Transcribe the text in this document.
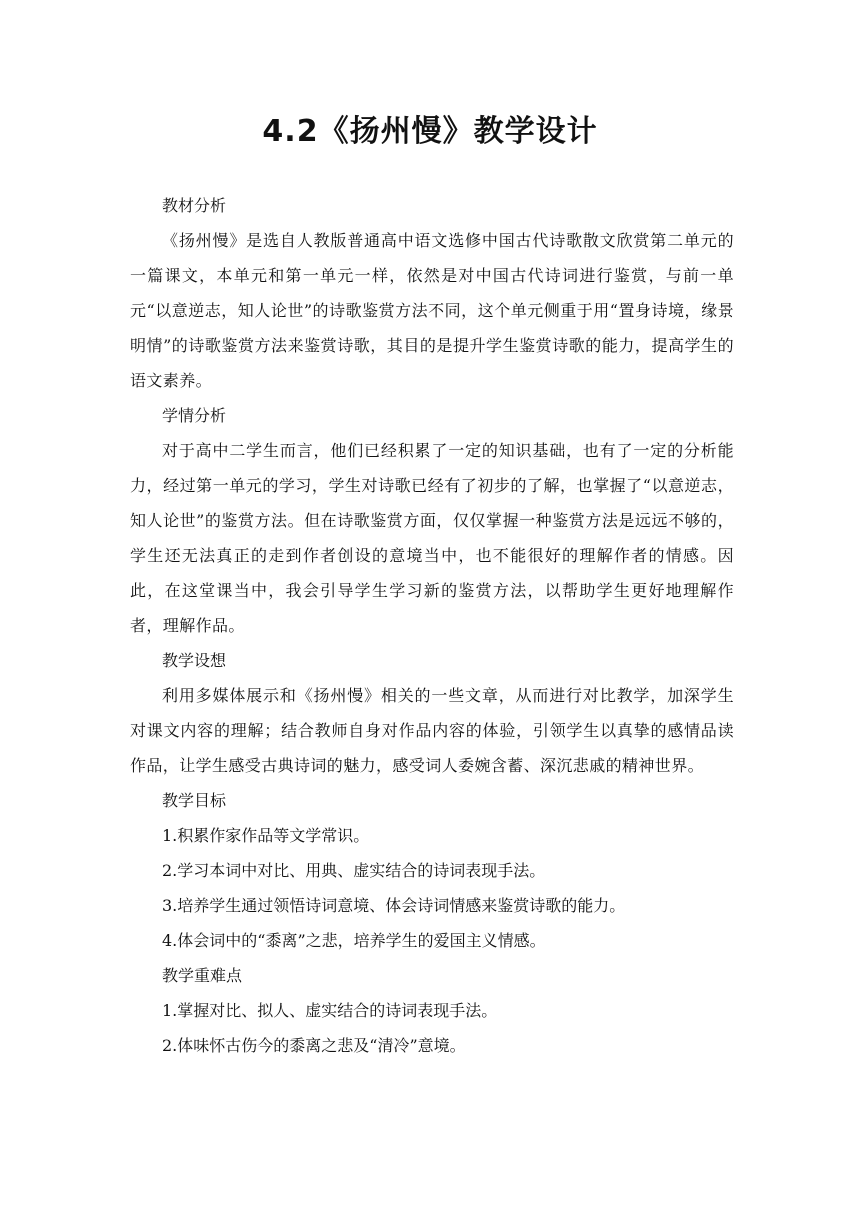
4.2《扬州慢》教学设计

教材分析

《扬州慢》是选自人教版普通高中语文选修中国古代诗歌散文欣赏第二单元的一篇课文，本单元和第一单元一样，依然是对中国古代诗词进行鉴赏，与前一单元“以意逆志，知人论世”的诗歌鉴赏方法不同，这个单元侧重于用“置身诗境，缘景明情”的诗歌鉴赏方法来鉴赏诗歌，其目的是提升学生鉴赏诗歌的能力，提高学生的语文素养。

学情分析

对于高中二学生而言，他们已经积累了一定的知识基础，也有了一定的分析能力，经过第一单元的学习，学生对诗歌已经有了初步的了解，也掌握了“以意逆志，知人论世”的鉴赏方法。但在诗歌鉴赏方面，仅仅掌握一种鉴赏方法是远远不够的，学生还无法真正的走到作者创设的意境当中，也不能很好的理解作者的情感。因此，在这堂课当中，我会引导学生学习新的鉴赏方法，以帮助学生更好地理解作者，理解作品。

教学设想

利用多媒体展示和《扬州慢》相关的一些文章，从而进行对比教学，加深学生对课文内容的理解；结合教师自身对作品内容的体验，引领学生以真挚的感情品读作品，让学生感受古典诗词的魅力，感受词人委婉含蓄、深沉悲戚的精神世界。

教学目标

1.积累作家作品等文学常识。

2.学习本词中对比、用典、虚实结合的诗词表现手法。

3.培养学生通过领悟诗词意境、体会诗词情感来鉴赏诗歌的能力。

4.体会词中的“黍离”之悲，培养学生的爱国主义情感。

教学重难点

1.掌握对比、拟人、虚实结合的诗词表现手法。

2.体味怀古伤今的黍离之悲及“清冷”意境。
